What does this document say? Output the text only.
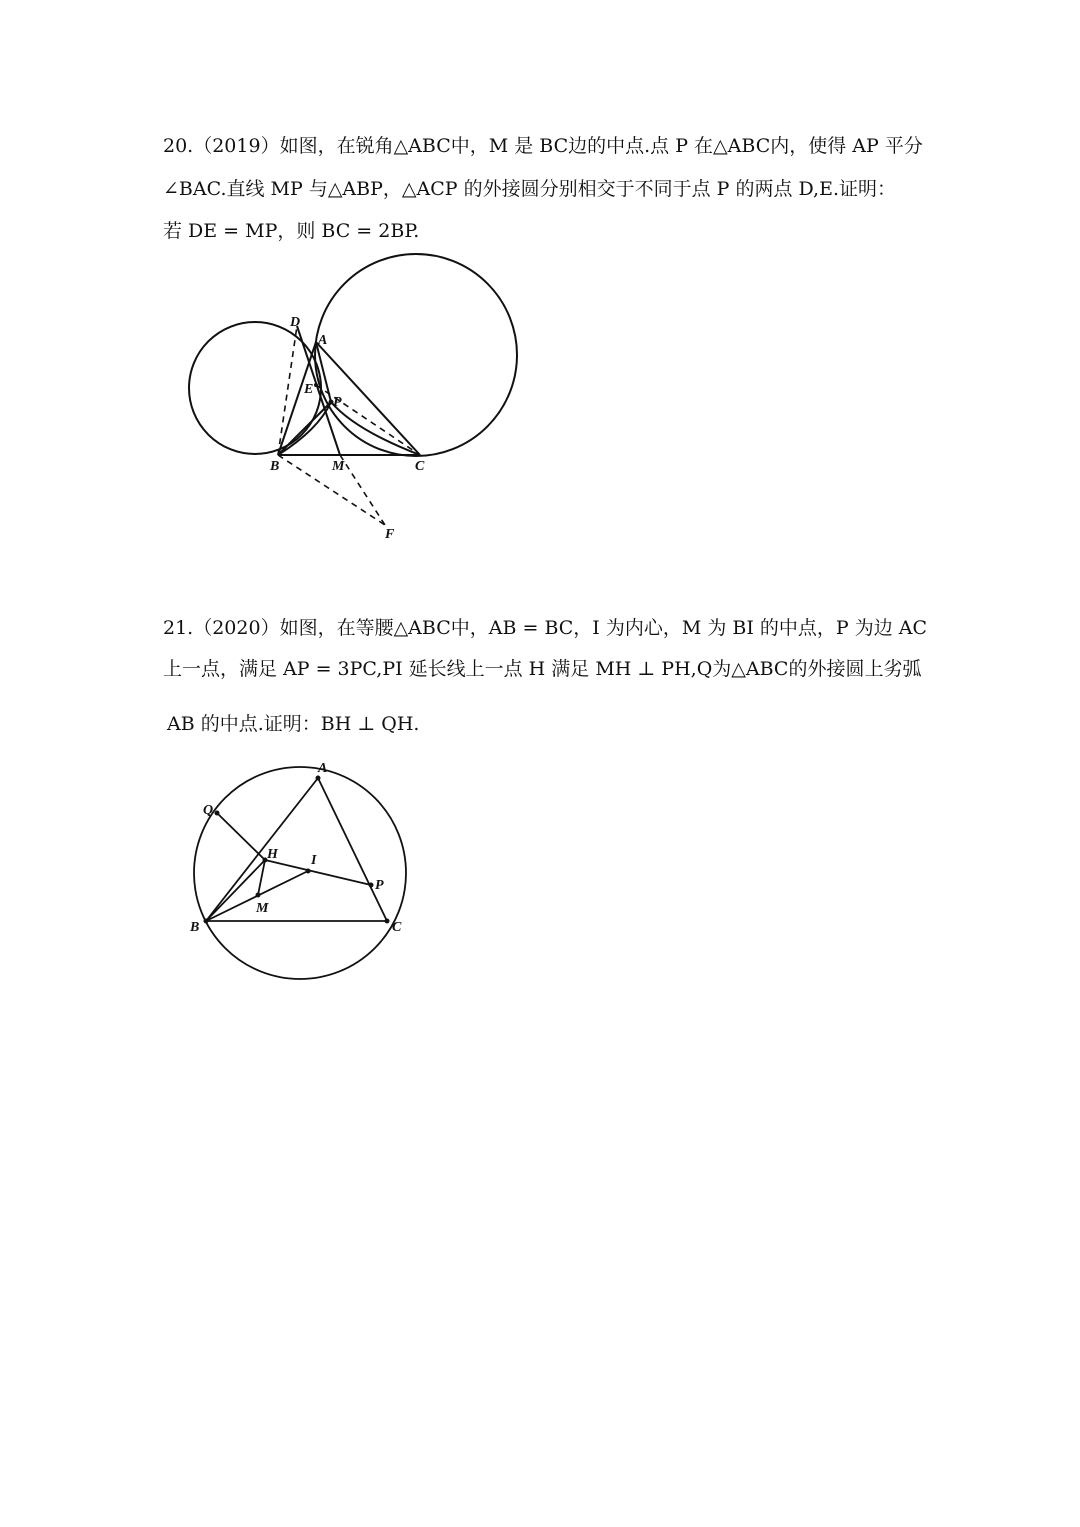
20.（2019）如图，在锐角△ABC中，M 是 BC边的中点.点 P 在△ABC内，使得 AP 平分
∠BAC.直线 MP 与△ABP，△ACP 的外接圆分别相交于不同于点 P 的两点 D,E.证明：
若 DE = MP，则 BC = 2BP.
D
A
E
P
B	M	C
F
21.（2020）如图，在等腰△ABC中，AB = BC，I 为内心，M 为 BI 的中点，P 为边 AC
上一点，满足 AP = 3PC,PI 延长线上一点 H 满足 MH ⊥ PH,Q为△ABC的外接圆上劣弧
AB 的中点.证明：BH ⊥ QH.
A
Q
H I
P
M
B	C
